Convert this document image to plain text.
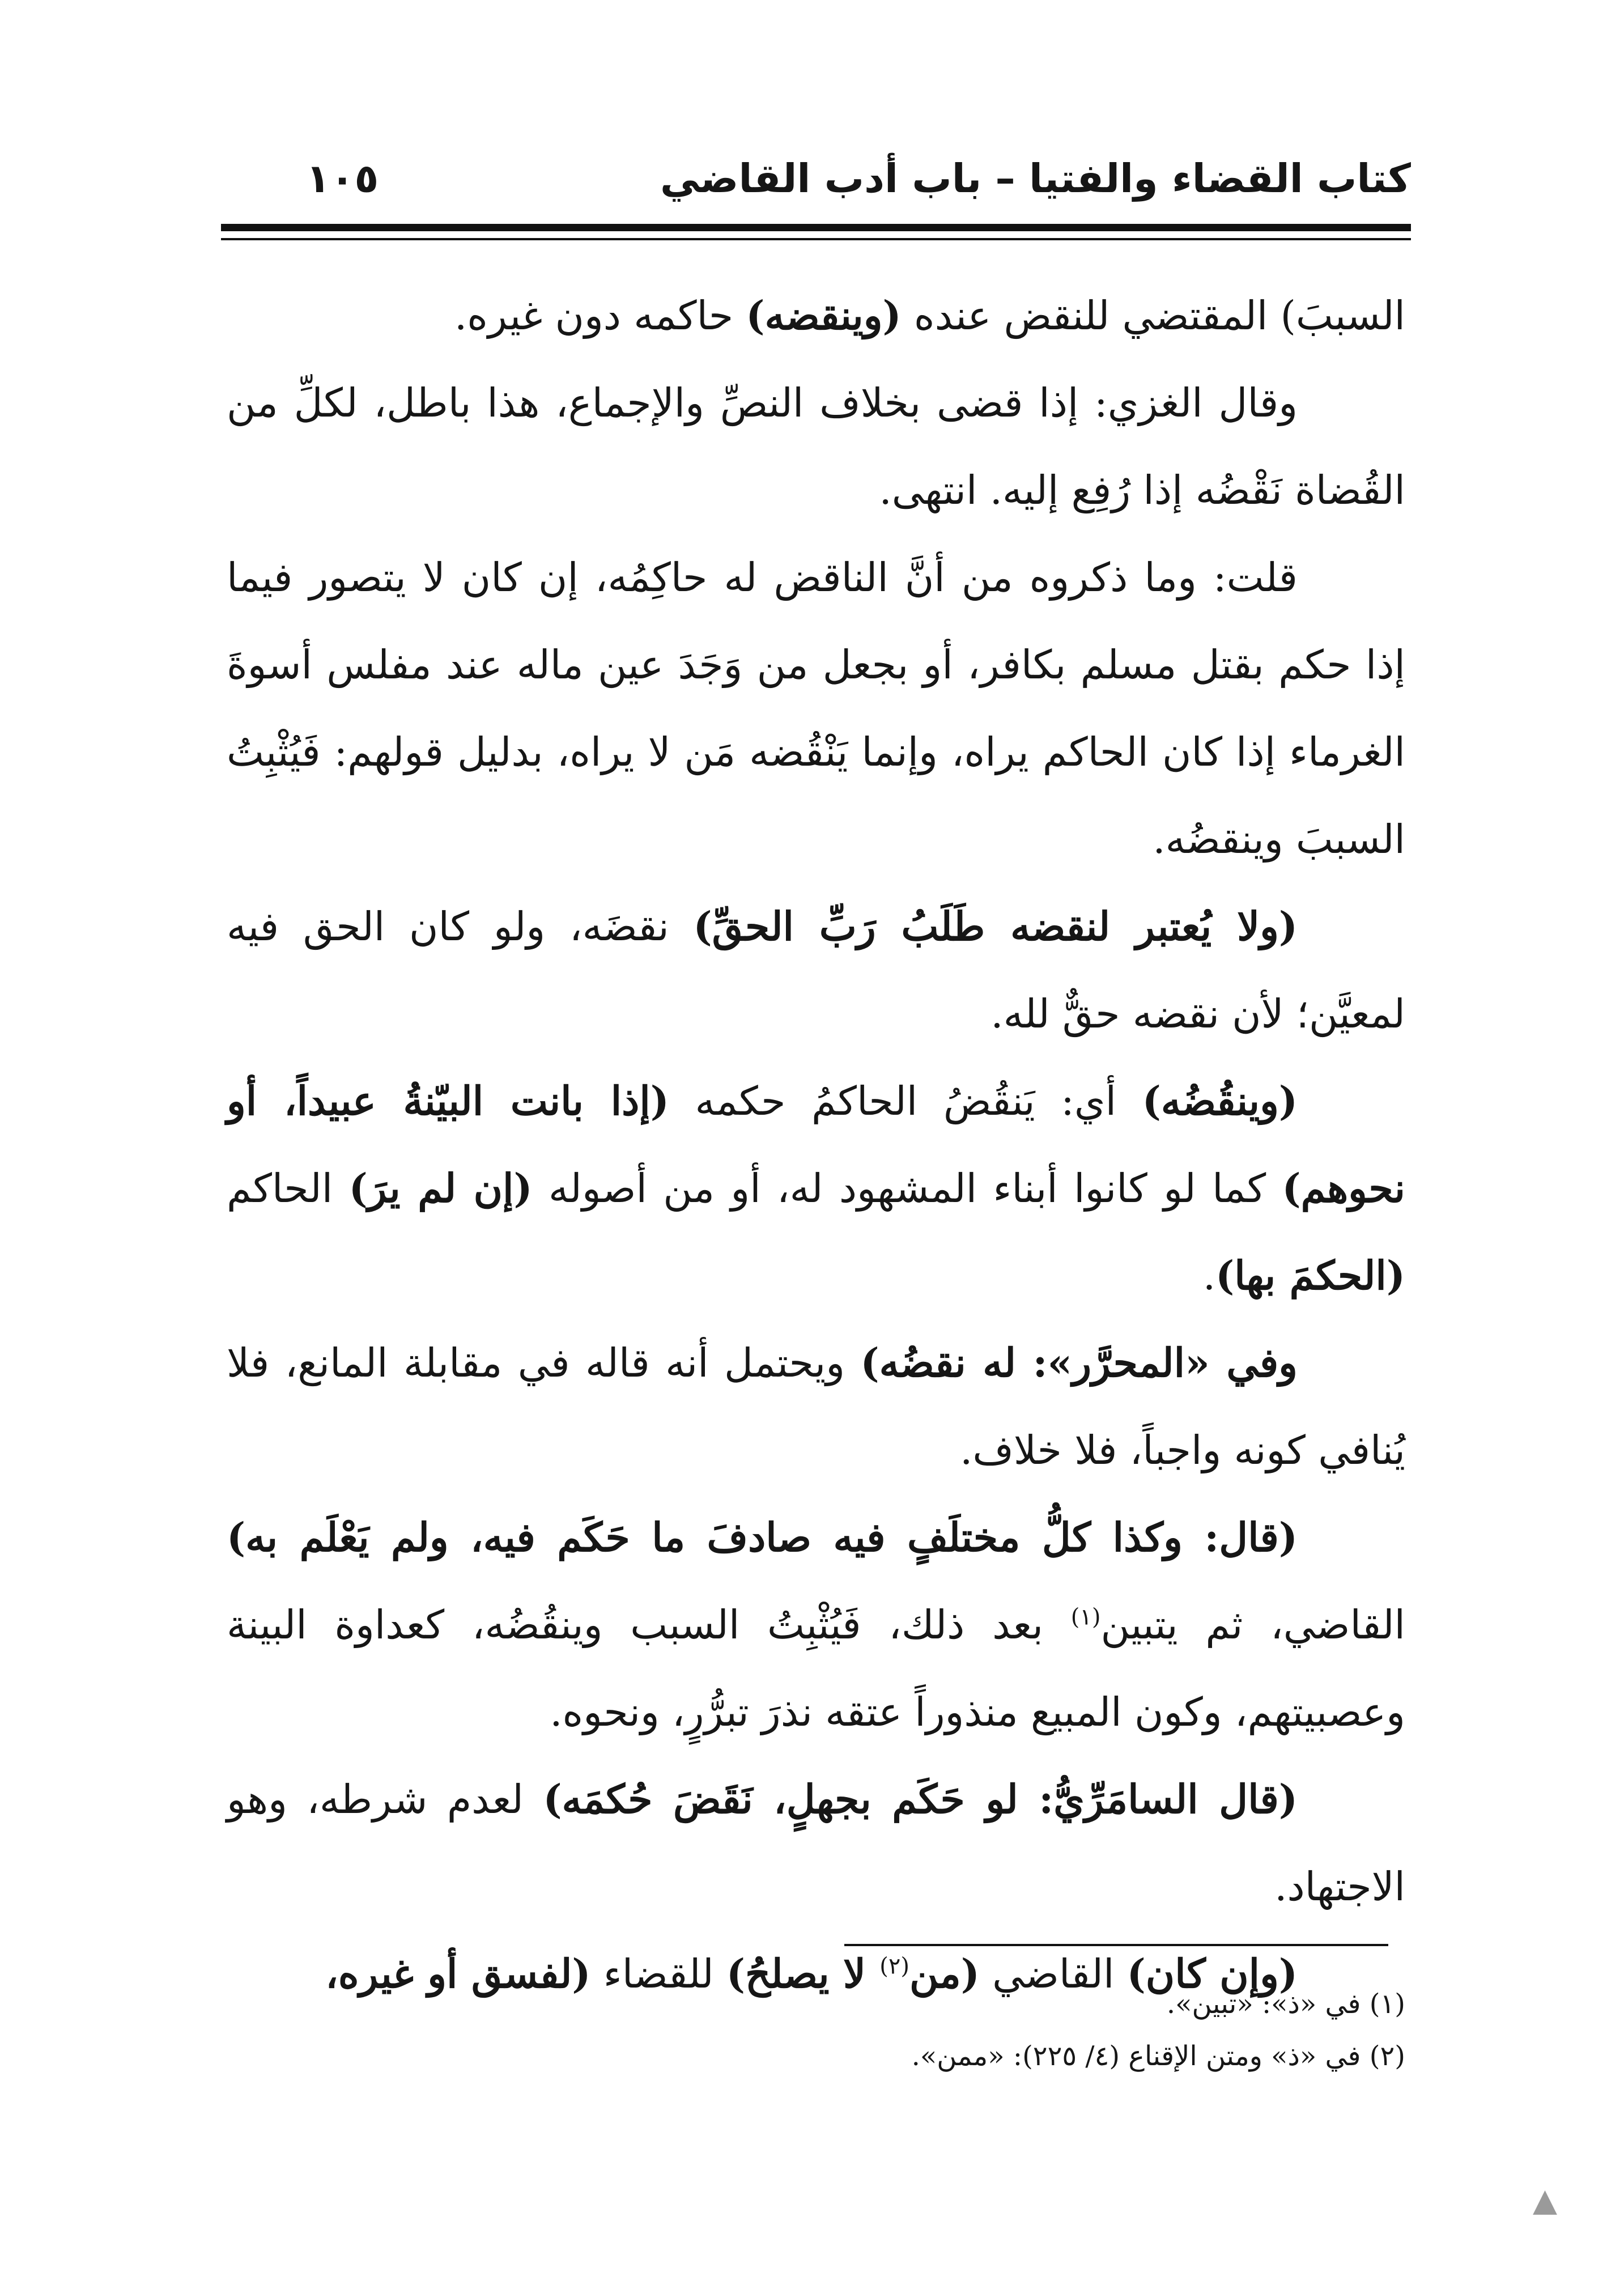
كتاب القضاء والفتيا – باب أدب القاضي
١٠٥

السببَ) المقتضي للنقض عنده (وينقضه) حاكمه دون غيره.

وقال الغزي: إذا قضى بخلاف النصِّ والإجماع، هذا باطل، لكلِّ من القُضاة نَقْضُه إذا رُفِع إليه. انتهى.

قلت: وما ذكروه من أنَّ الناقض له حاكِمُه، إن كان لا يتصور فيما إذا حكم بقتل مسلم بكافر، أو بجعل من وَجَدَ عين ماله عند مفلس أسوةَ الغرماء إذا كان الحاكم يراه، وإنما يَنْقُضه مَن لا يراه، بدليل قولهم: فَيُثْبِتُ السببَ وينقضُه.

(ولا يُعتبر لنقضه طَلَبُ رَبِّ الحقِّ) نقضَه، ولو كان الحق فيه لمعيَّن؛ لأن نقضه حقٌّ لله.

(وينقُضُه) أي: يَنقُضُ الحاكمُ حكمه (إذا بانت البيّنةُ عبيداً، أو نحوهم) كما لو كانوا أبناء المشهود له، أو من أصوله (إن لم يرَ) الحاكم (الحكمَ بها).

وفي «المحرَّر»: له نقضُه) ويحتمل أنه قاله في مقابلة المانع، فلا يُنافي كونه واجباً، فلا خلاف.

(قال: وكذا كلُّ مختلَفٍ فيه صادفَ ما حَكَم فيه، ولم يَعْلَم به) القاضي، ثم يتبين$^{(١)}$ بعد ذلك، فَيُثْبِتُ السبب وينقُضُه، كعداوة البينة وعصبيتهم، وكون المبيع منذوراً عتقه نذرَ تبرُّرٍ، ونحوه.

(قال السامَرِّيُّ: لو حَكَم بجهلٍ، نَقَضَ حُكمَه) لعدم شرطه، وهو الاجتهاد.

(وإن كان) القاضي (من$^{(٢)}$ لا يصلحُ) للقضاء (لفسق أو غيره،

(١) في «ذ»: «تبين».

(٢) في «ذ» ومتن الإقناع (٤/ ٢٢٥): «ممن».

▲
